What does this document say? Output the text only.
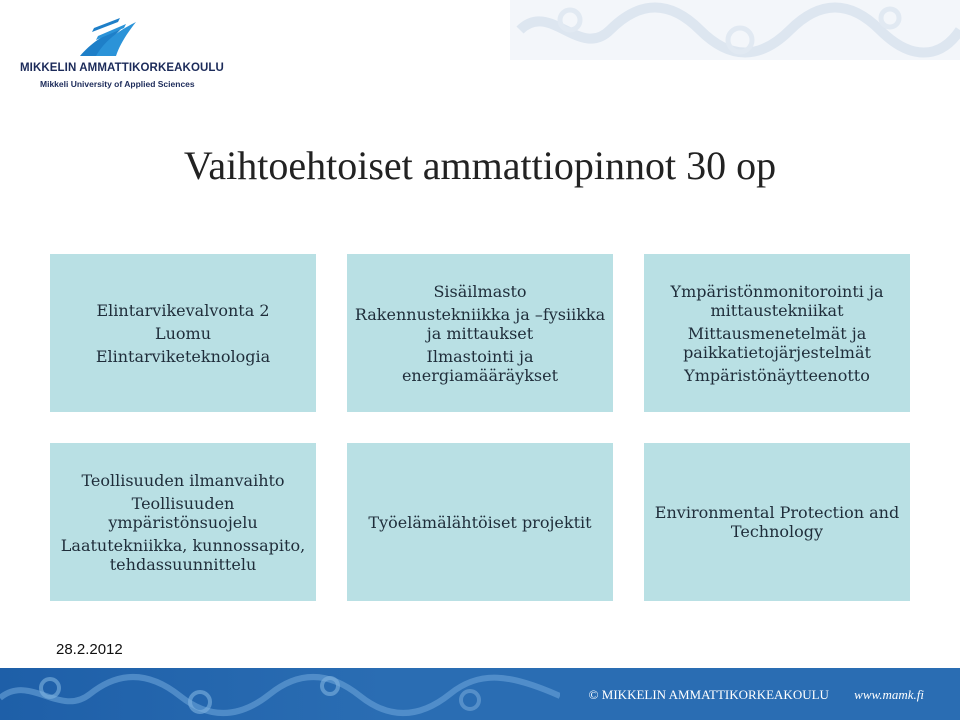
MIKKELIN AMMATTIKORKEAKOULU
Mikkeli University of Applied Sciences
Vaihtoehtoiset ammattiopinnot 30 op
Elintarvikevalvonta 2
Luomu
Elintarviketeknologia
Sisäilmasto
Rakennustekniikka ja –fysiikka ja mittaukset
Ilmastointi ja energiamääräykset
Ympäristönmonitorointi ja mittaustekniikat
Mittausmenetelmät ja paikkatietojärjestelmät
Ympäristönäytteenotto
Teollisuuden ilmanvaihto
Teollisuuden ympäristönsuojelu
Laatutekniikka, kunnossapito, tehdassuunnittelu
Työelämälähtöiset projektit	Environmental Protection and Technology
28.2.2012
© MIKKELIN AMMATTIKORKEAKOULU www.mamk.fi
